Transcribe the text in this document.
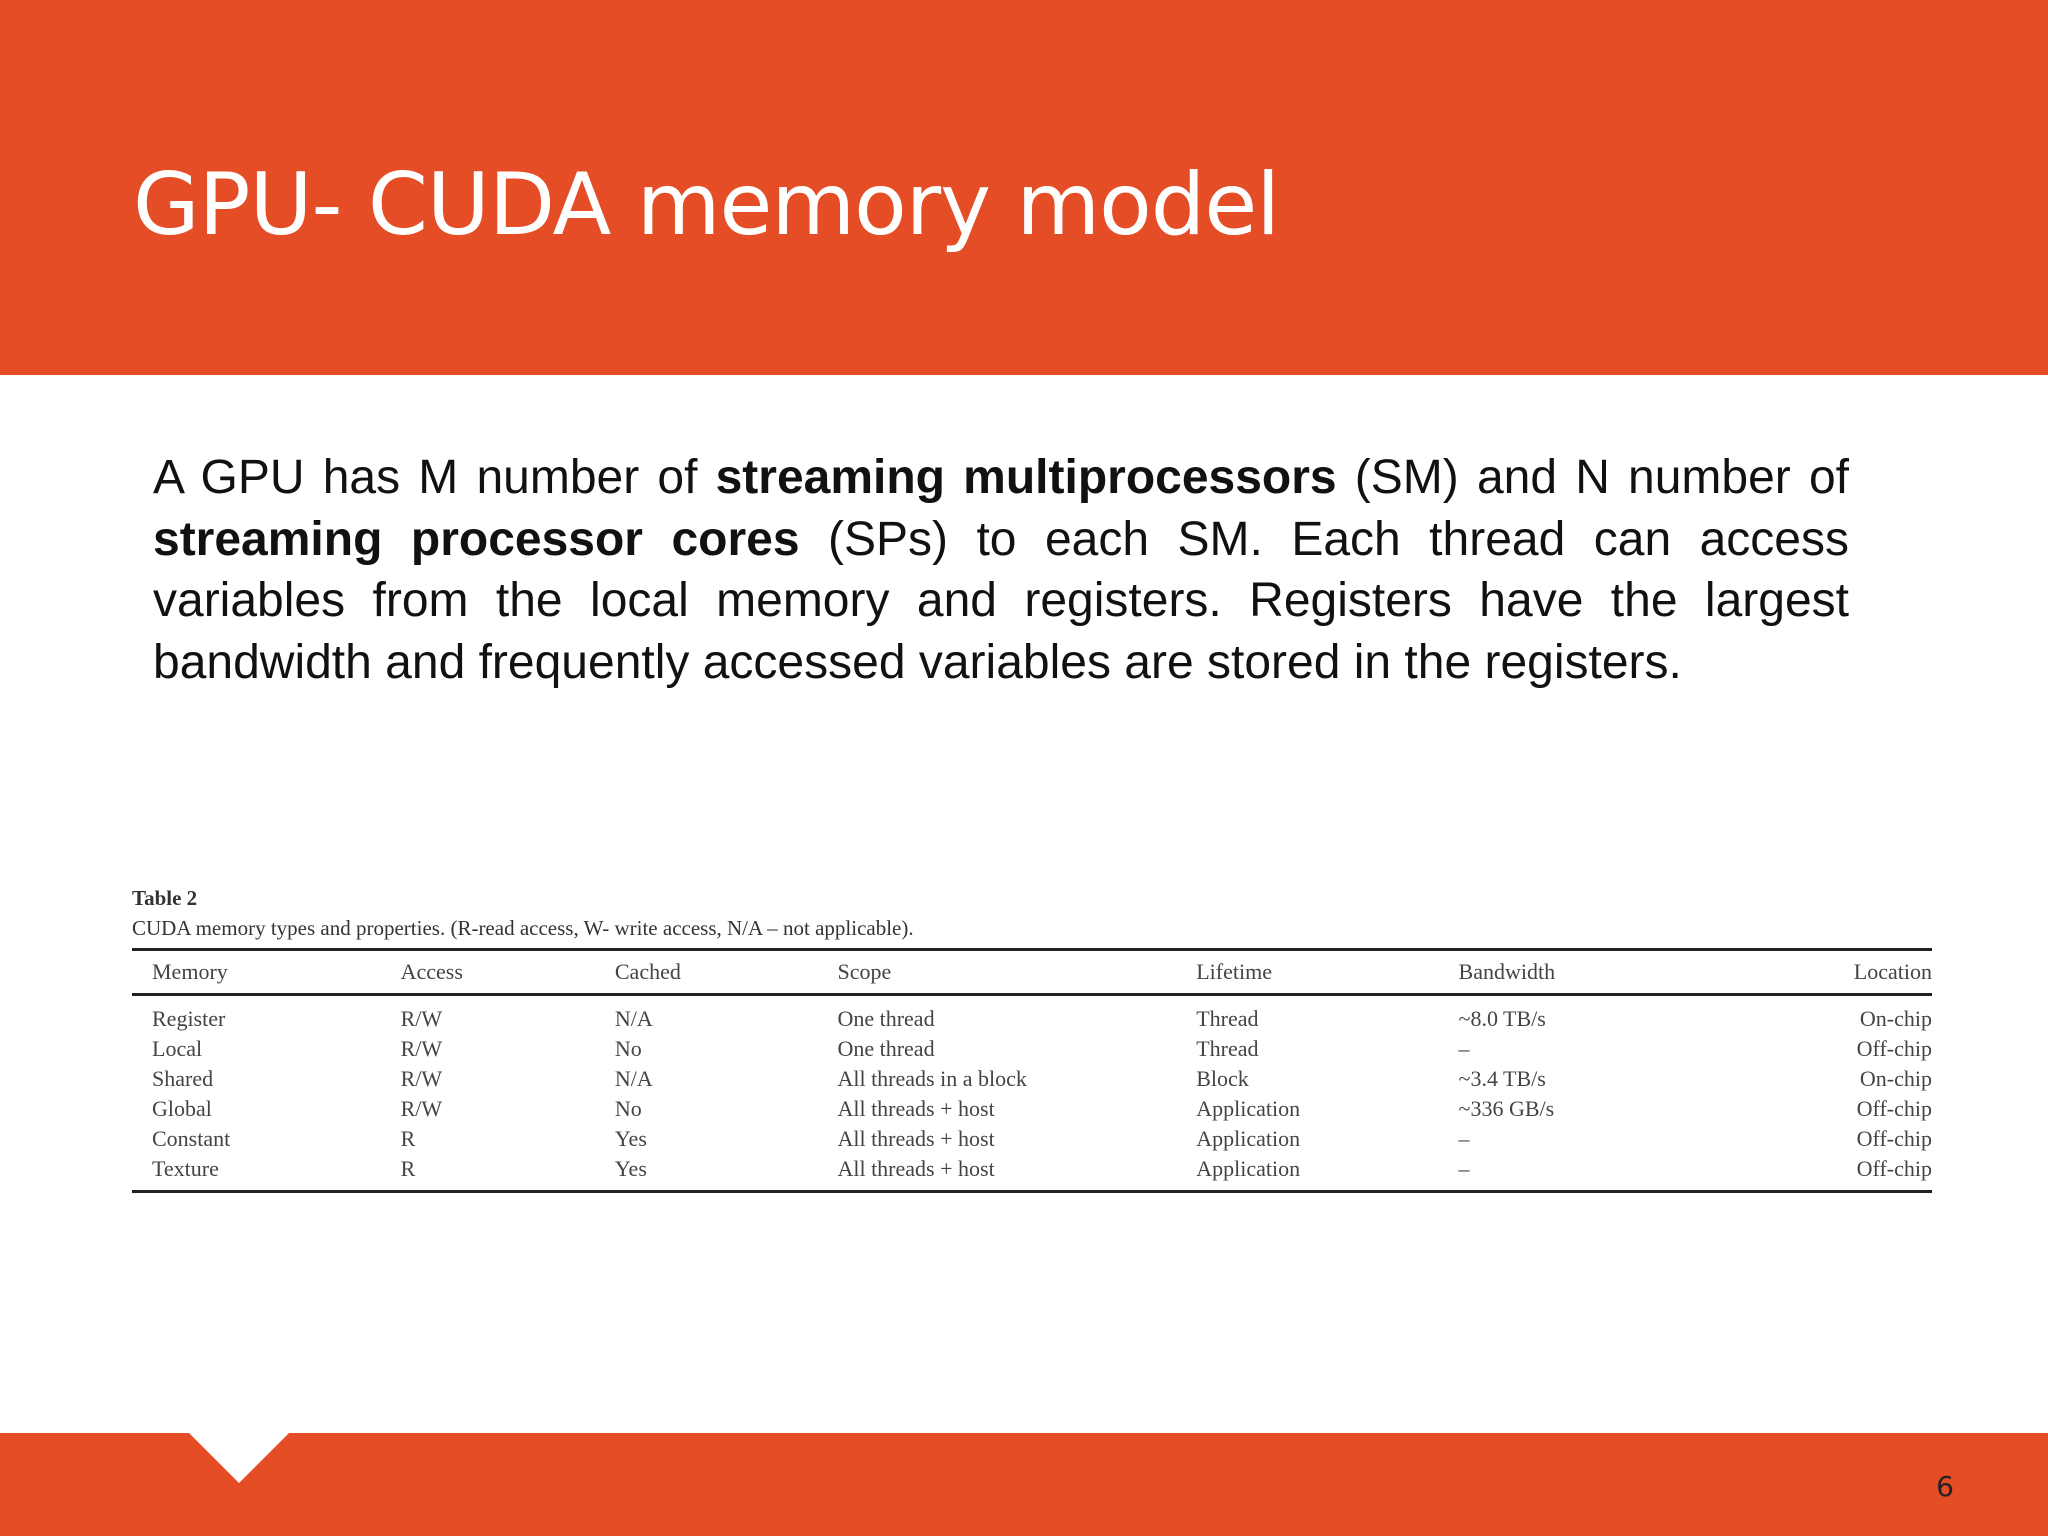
GPU- CUDA memory model

A GPU has M number of streaming multiprocessors (SM) and N number of streaming processor cores (SPs) to each SM. Each thread can access variables from the local memory and registers. Registers have the largest bandwidth and frequently accessed variables are stored in the registers.

Table 2
CUDA memory types and properties. (R-read access, W- write access, N/A – not applicable).
Memory	Access	Cached	Scope	Lifetime	Bandwidth	Location
Register	R/W	N/A	One thread	Thread	~8.0 TB/s	On-chip
Local	R/W	No	One thread	Thread	–	Off-chip
Shared	R/W	N/A	All threads in a block	Block	~3.4 TB/s	On-chip
Global	R/W	No	All threads + host	Application	~336 GB/s	Off-chip
Constant	R	Yes	All threads + host	Application	–	Off-chip
Texture	R	Yes	All threads + host	Application	–	Off-chip
6
